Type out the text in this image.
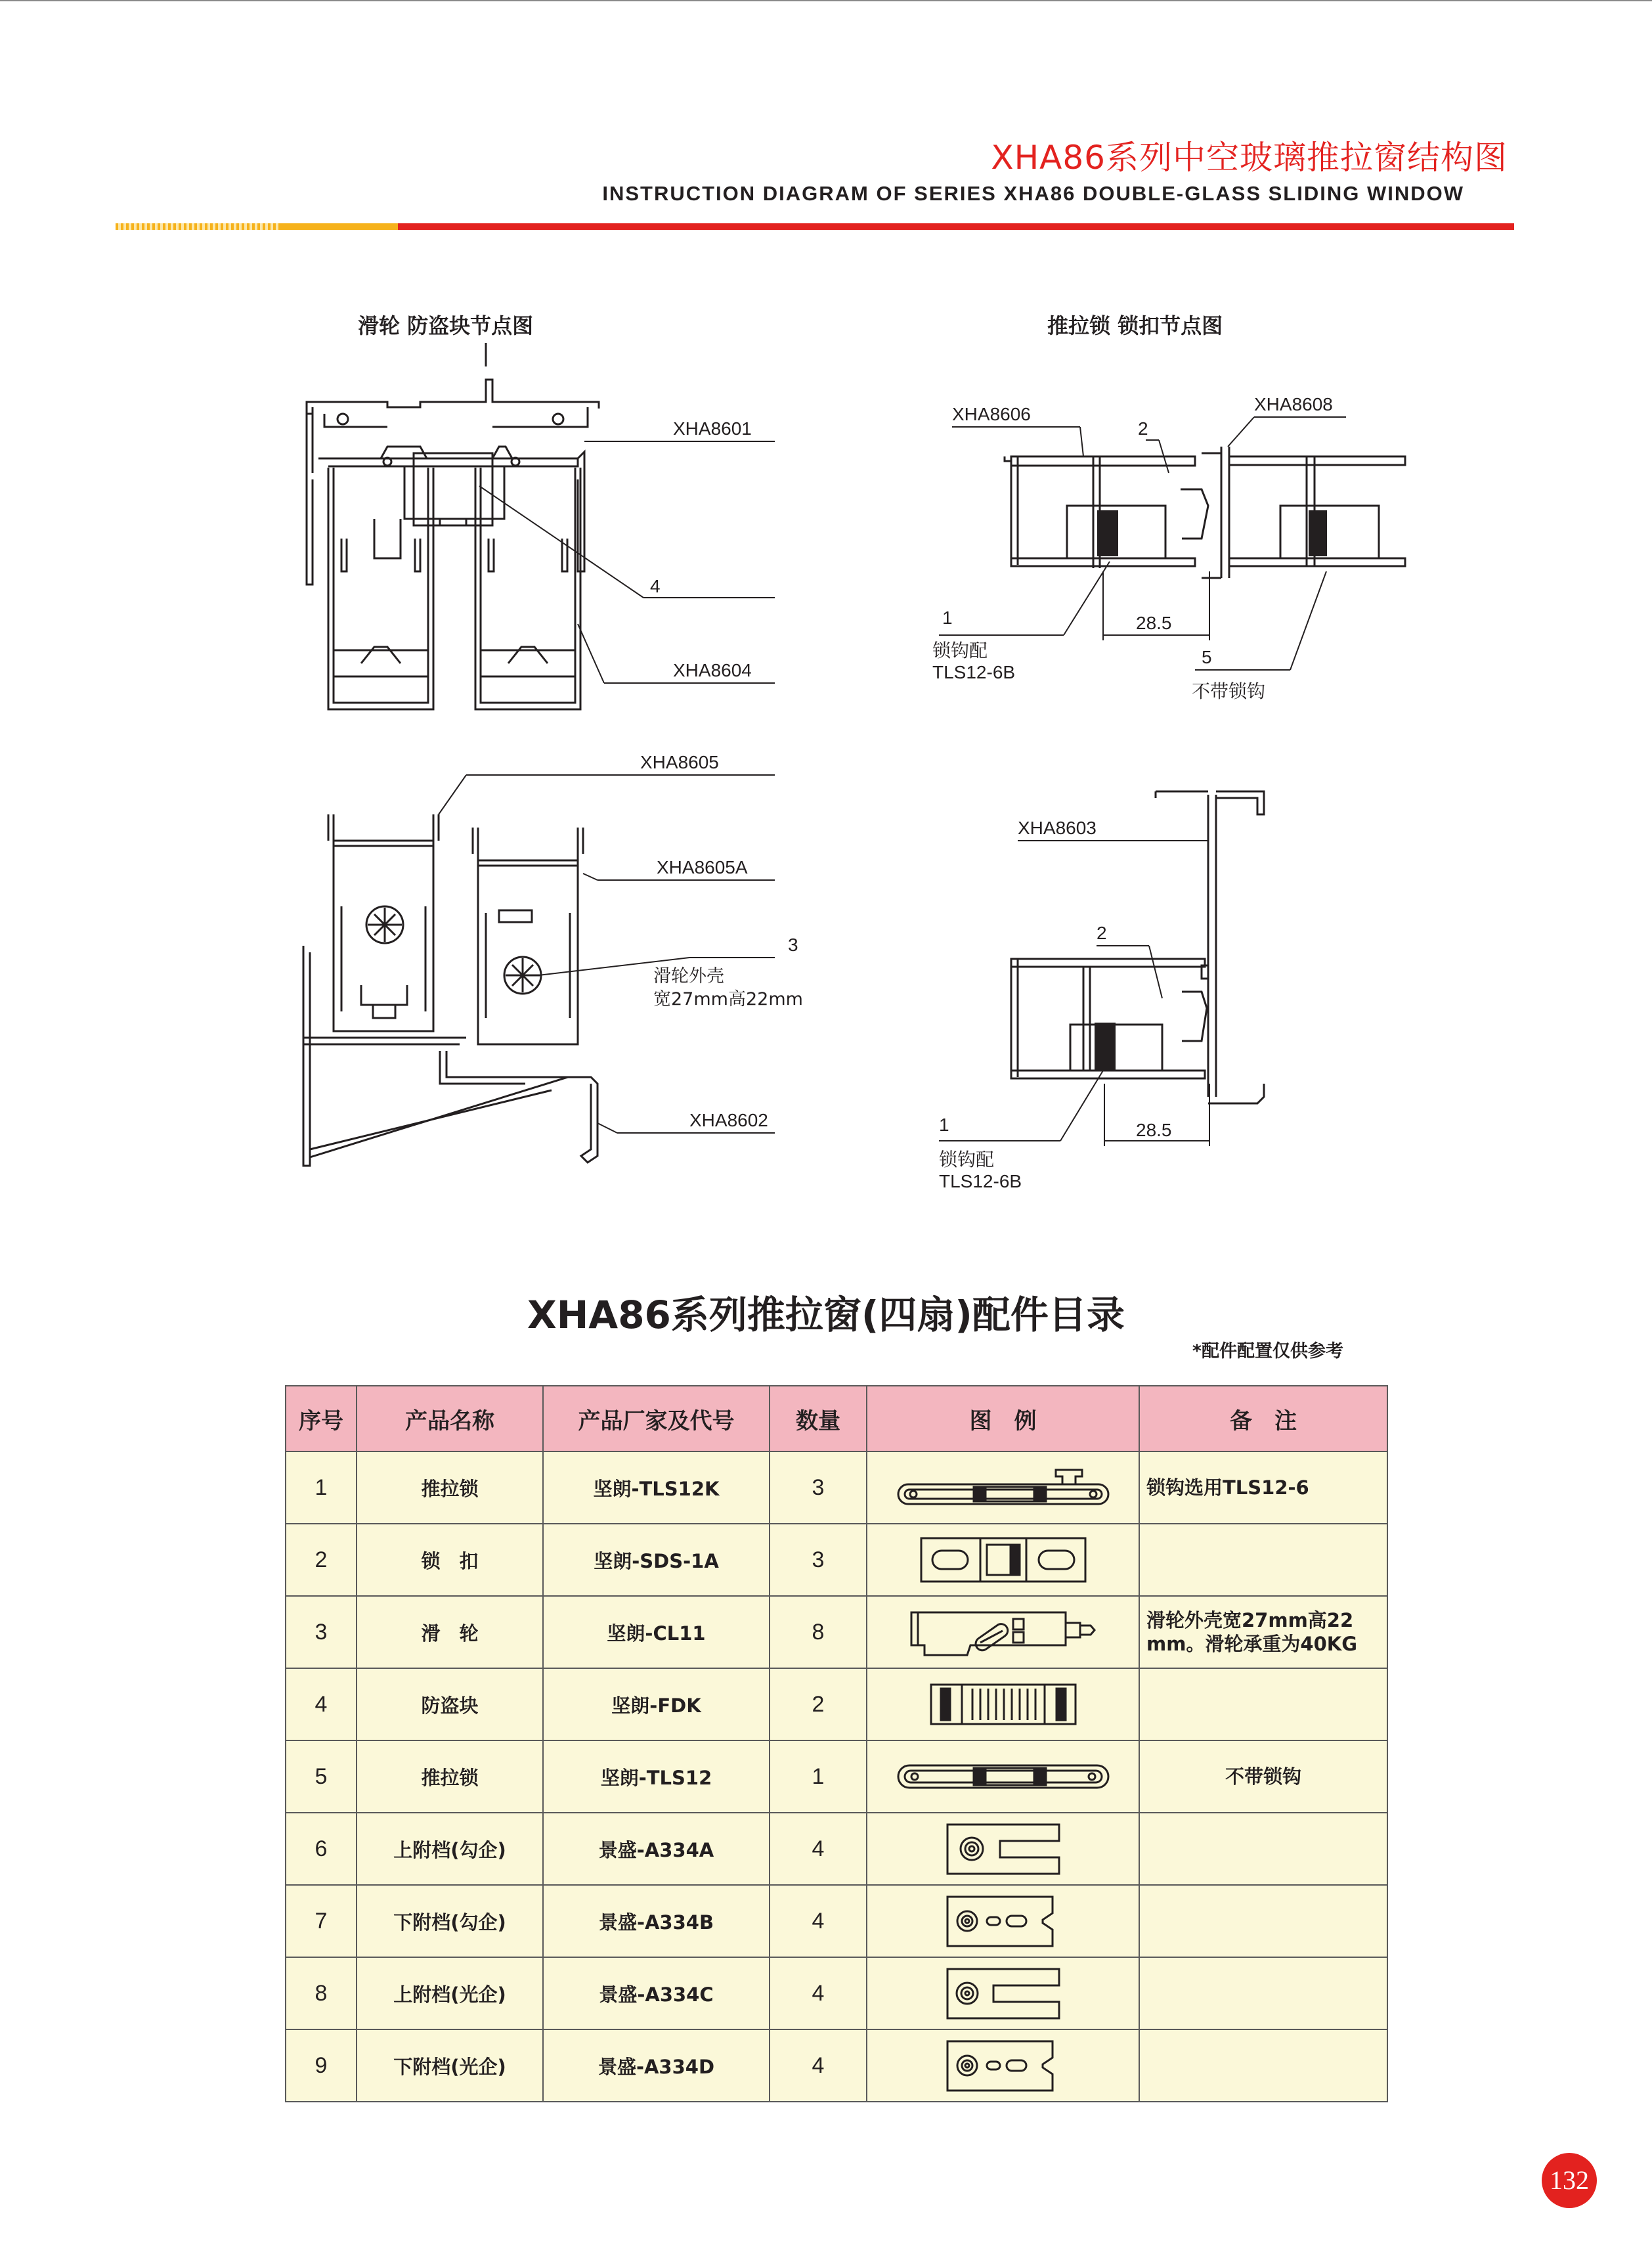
XHA86系列中空玻璃推拉窗结构图
INSTRUCTION DIAGRAM OF SERIES XHA86 DOUBLE-GLASS SLIDING WINDOW
滑轮 防盗块节点图
XHA8601
4
XHA8604
推拉锁 锁扣节点图
XHA8606	XHA8608
2
1	28.5
锁钩配
TLS12-6B
5
不带锁钩
XHA8605
XHA8605A
3
滑轮外壳
宽27mm高22mm
XHA8602
XHA8603
2
1	28.5
锁钩配
TLS12-6B
XHA86系列推拉窗(四扇)配件目录
*配件配置仅供参考
序号	产品名称	产品厂家及代号	数量	图　例	备　注
1	推拉锁	坚朗-TLS12K	3		锁钩选用TLS12-6
2	锁　扣	坚朗-SDS-1A	3	

3	滑　轮	坚朗-CL11	8		滑轮外壳宽27mm高22 mm。滑轮承重为40KG
4	防盗块	坚朗-FDK	2	

5	推拉锁	坚朗-TLS12	1		不带锁钩
6	上附档(勾企)	景盛-A334A	4	

7	下附档(勾企)	景盛-A334B	4	

8	上附档(光企)	景盛-A334C	4	

9	下附档(光企)	景盛-A334D	4	

132
